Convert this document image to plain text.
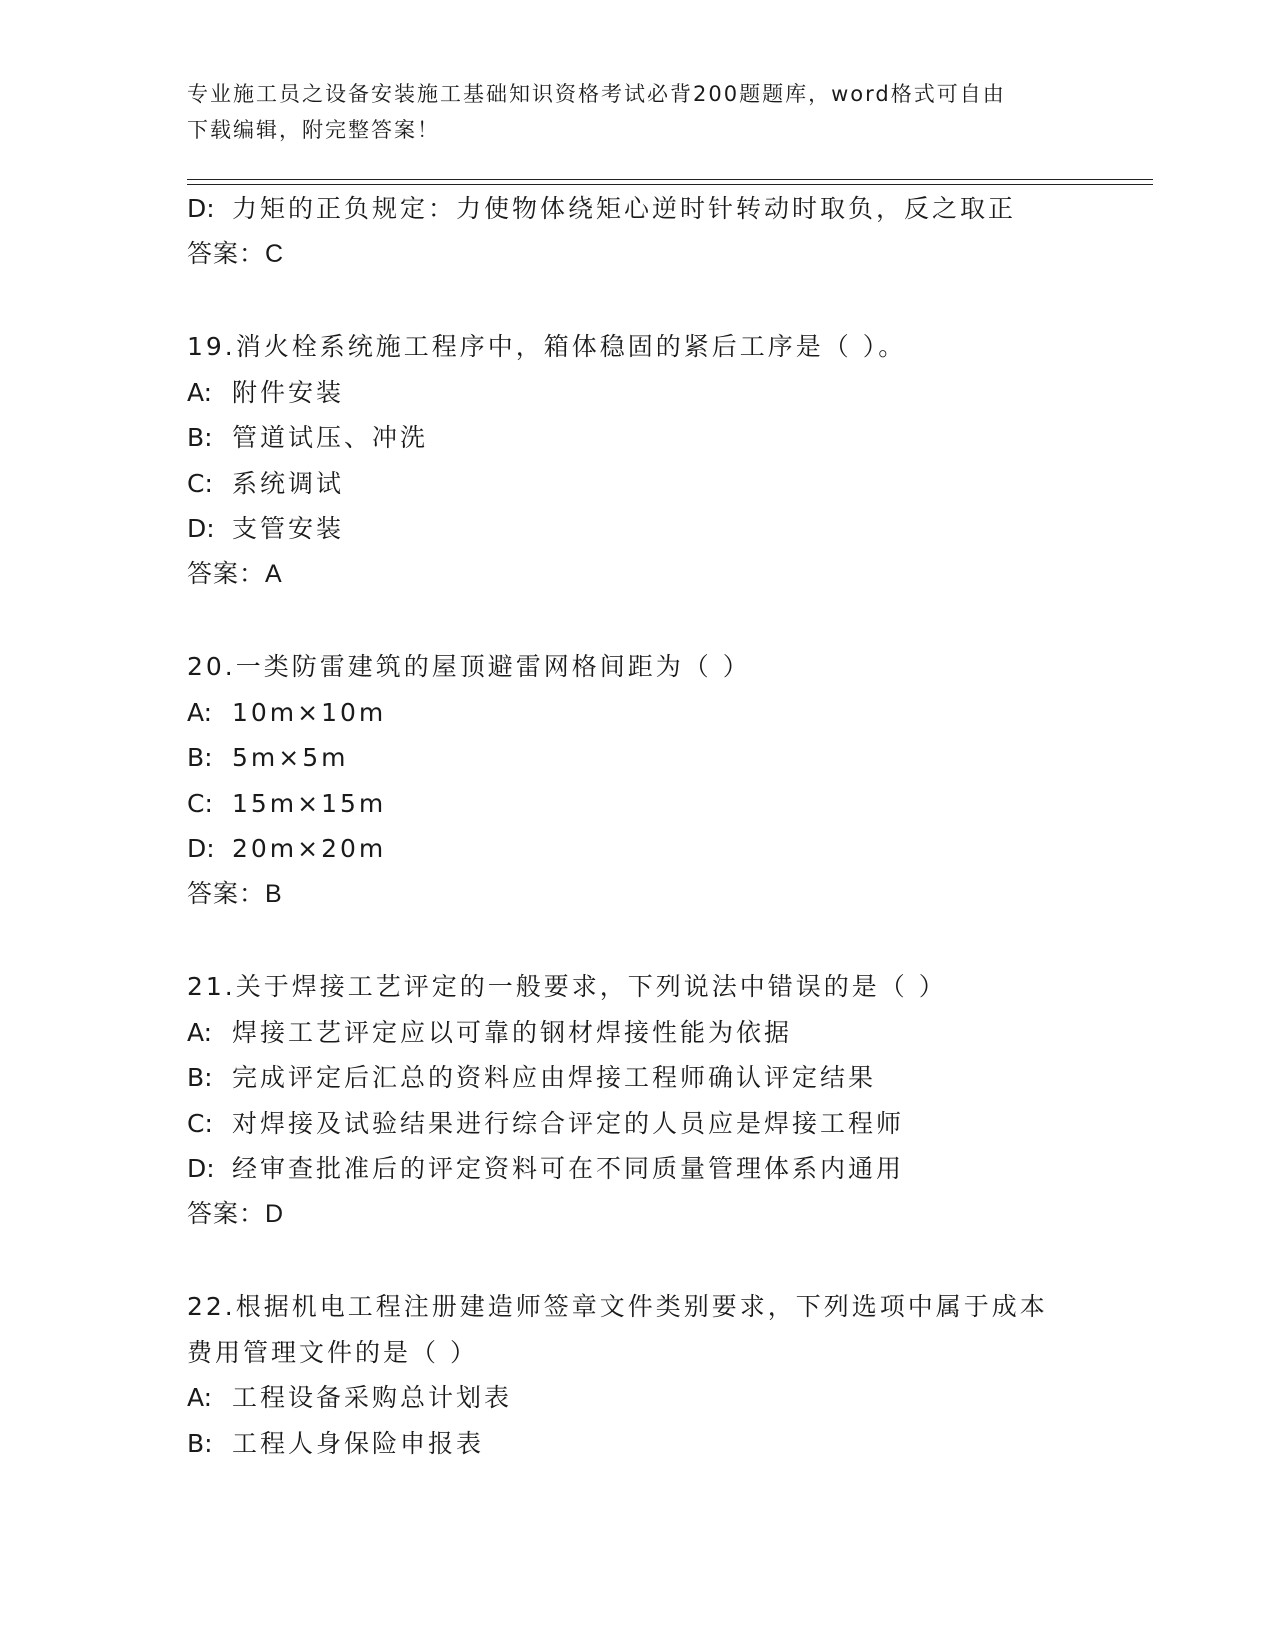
专业施工员之设备安装施工基础知识资格考试必背200题题库，word格式可自由
下载编辑，附完整答案！
D: 力矩的正负规定：力使物体绕矩心逆时针转动时取负，反之取正
答案：C
19.消火栓系统施工程序中，箱体稳固的紧后工序是（ ）。
A: 附件安装
B: 管道试压、冲洗
C: 系统调试
D: 支管安装
答案：A
20.一类防雷建筑的屋顶避雷网格间距为（ ）
A: 10m×10m
B: 5m×5m
C: 15m×15m
D: 20m×20m
答案：B
21.关于焊接工艺评定的一般要求，下列说法中错误的是（ ）
A: 焊接工艺评定应以可靠的钢材焊接性能为依据
B: 完成评定后汇总的资料应由焊接工程师确认评定结果
C: 对焊接及试验结果进行综合评定的人员应是焊接工程师
D: 经审查批准后的评定资料可在不同质量管理体系内通用
答案：D
22.根据机电工程注册建造师签章文件类别要求，下列选项中属于成本
费用管理文件的是（ ）
A: 工程设备采购总计划表
B: 工程人身保险申报表
